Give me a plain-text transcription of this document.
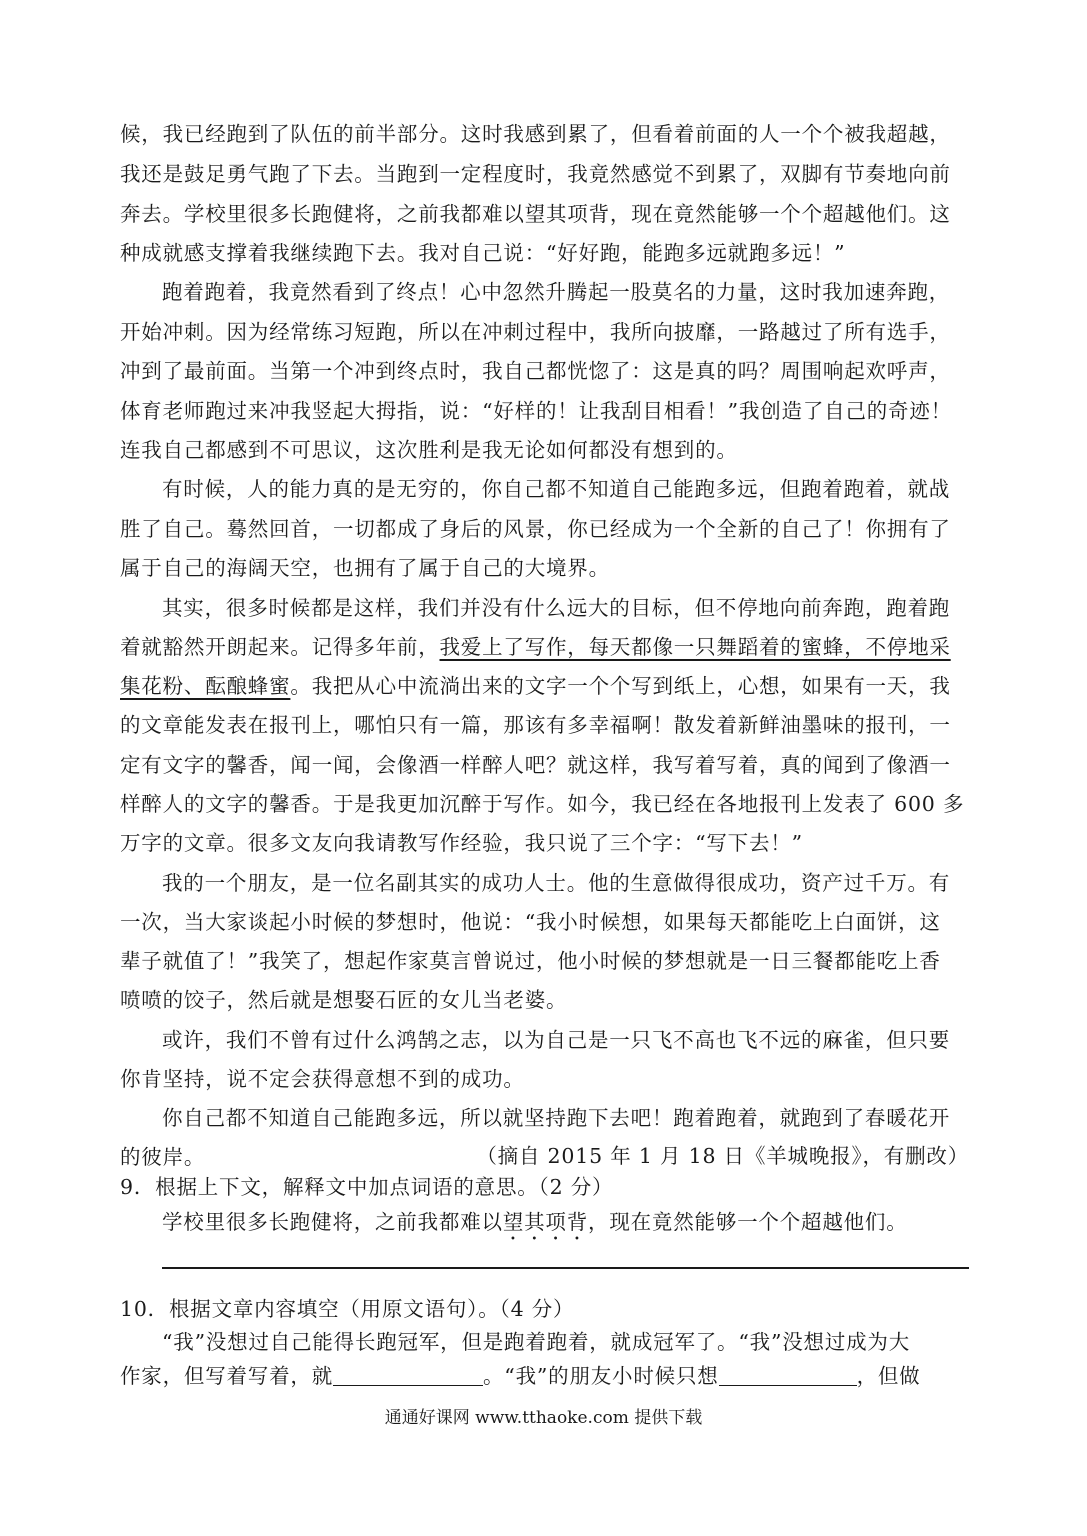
候，我已经跑到了队伍的前半部分。这时我感到累了，但看着前面的人一个个被我超越，
我还是鼓足勇气跑了下去。当跑到一定程度时，我竟然感觉不到累了，双脚有节奏地向前
奔去。学校里很多长跑健将，之前我都难以望其项背，现在竟然能够一个个超越他们。这
种成就感支撑着我继续跑下去。我对自己说：“好好跑，能跑多远就跑多远！”
跑着跑着，我竟然看到了终点！心中忽然升腾起一股莫名的力量，这时我加速奔跑，
开始冲刺。因为经常练习短跑，所以在冲刺过程中，我所向披靡，一路越过了所有选手，
冲到了最前面。当第一个冲到终点时，我自己都恍惚了：这是真的吗？周围响起欢呼声，
体育老师跑过来冲我竖起大拇指，说：“好样的！让我刮目相看！”我创造了自己的奇迹！
连我自己都感到不可思议，这次胜利是我无论如何都没有想到的。
有时候，人的能力真的是无穷的，你自己都不知道自己能跑多远，但跑着跑着，就战
胜了自己。蓦然回首，一切都成了身后的风景，你已经成为一个全新的自己了！你拥有了
属于自己的海阔天空，也拥有了属于自己的大境界。
其实，很多时候都是这样，我们并没有什么远大的目标，但不停地向前奔跑，跑着跑
着就豁然开朗起来。记得多年前，我爱上了写作，每天都像一只舞蹈着的蜜蜂，不停地采
集花粉、酝酿蜂蜜。我把从心中流淌出来的文字一个个写到纸上，心想，如果有一天，我
的文章能发表在报刊上，哪怕只有一篇，那该有多幸福啊！散发着新鲜油墨味的报刊，一
定有文字的馨香，闻一闻，会像酒一样醉人吧？就这样，我写着写着，真的闻到了像酒一
样醉人的文字的馨香。于是我更加沉醉于写作。如今，我已经在各地报刊上发表了 600 多
万字的文章。很多文友向我请教写作经验，我只说了三个字：“写下去！”
我的一个朋友，是一位名副其实的成功人士。他的生意做得很成功，资产过千万。有
一次，当大家谈起小时候的梦想时，他说：“我小时候想，如果每天都能吃上白面饼，这
辈子就值了！”我笑了，想起作家莫言曾说过，他小时候的梦想就是一日三餐都能吃上香
喷喷的饺子，然后就是想娶石匠的女儿当老婆。
或许，我们不曾有过什么鸿鹄之志，以为自己是一只飞不高也飞不远的麻雀，但只要
你肯坚持，说不定会获得意想不到的成功。
你自己都不知道自己能跑多远，所以就坚持跑下去吧！跑着跑着，就跑到了春暖花开
的彼岸。	（摘自 2015 年 1 月 18 日《羊城晚报》，有删改）
9．根据上下文，解释文中加点词语的意思。（2 分）
学校里很多长跑健将，之前我都难以望其项背，现在竟然能够一个个超越他们。
10．根据文章内容填空（用原文语句）。（4 分）
“我”没想过自己能得长跑冠军，但是跑着跑着，就成冠军了。“我”没想过成为大
作家，但写着写着，就	。“我”的朋友小时候只想	，但做
通通好课网 www.tthaoke.com 提供下载
